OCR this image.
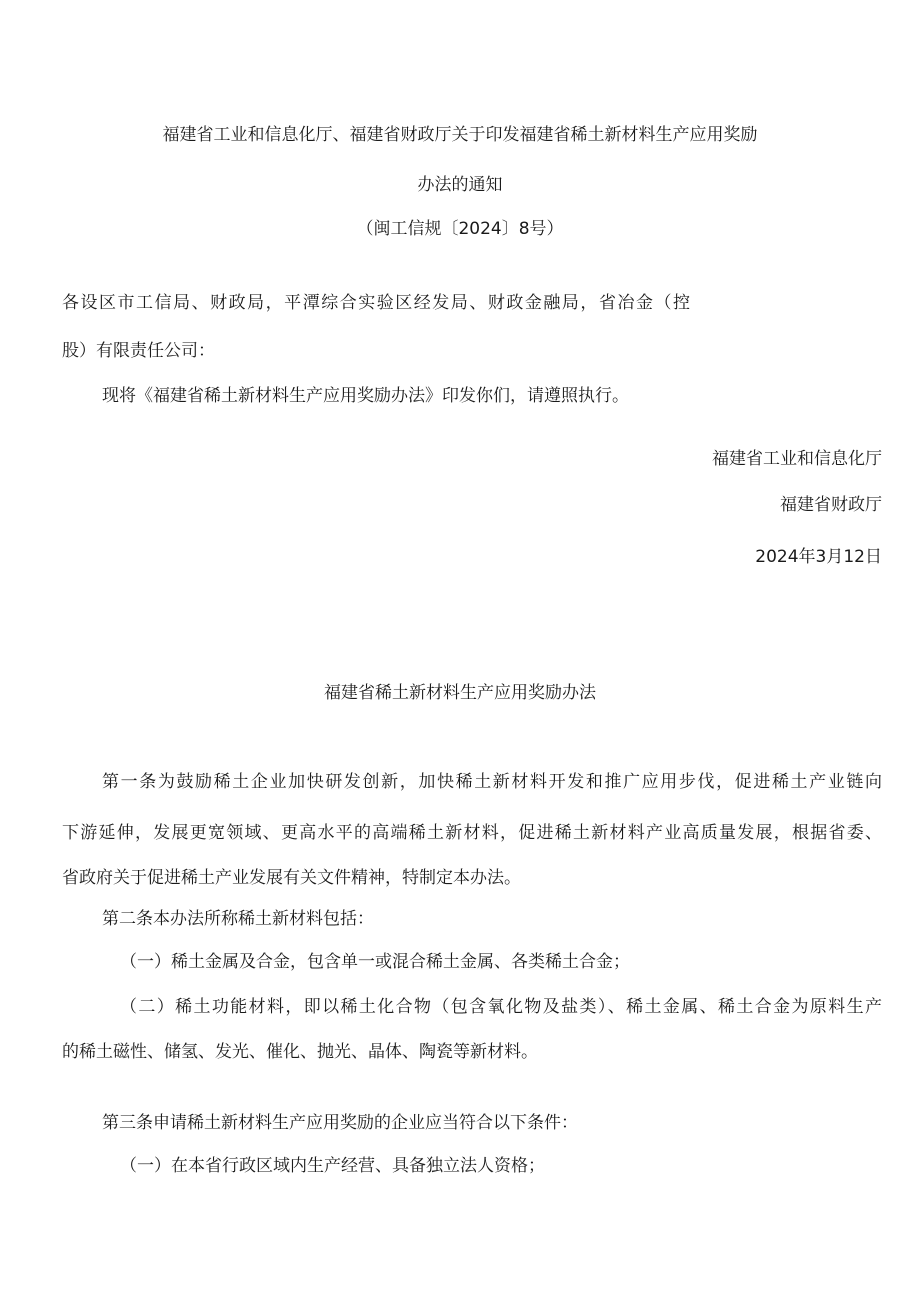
福建省工业和信息化厅、福建省财政厅关于印发福建省稀土新材料生产应用奖励
办法的通知
（闽工信规〔2024〕8号）
各设区市工信局、财政局，平潭综合实验区经发局、财政金融局，省冶金（控
股）有限责任公司：
现将《福建省稀土新材料生产应用奖励办法》印发你们，请遵照执行。
福建省工业和信息化厅
福建省财政厅
2024年3月12日
福建省稀土新材料生产应用奖励办法
第一条为鼓励稀土企业加快研发创新，加快稀土新材料开发和推广应用步伐，促进稀土产业链向
下游延伸，发展更宽领域、更高水平的高端稀土新材料，促进稀土新材料产业高质量发展，根据省委、
省政府关于促进稀土产业发展有关文件精神，特制定本办法。
第二条本办法所称稀土新材料包括：
（一）稀土金属及合金，包含单一或混合稀土金属、各类稀土合金；
（二）稀土功能材料，即以稀土化合物（包含氧化物及盐类）、稀土金属、稀土合金为原料生产
的稀土磁性、储氢、发光、催化、抛光、晶体、陶瓷等新材料。
第三条申请稀土新材料生产应用奖励的企业应当符合以下条件：
（一）在本省行政区域内生产经营、具备独立法人资格；
